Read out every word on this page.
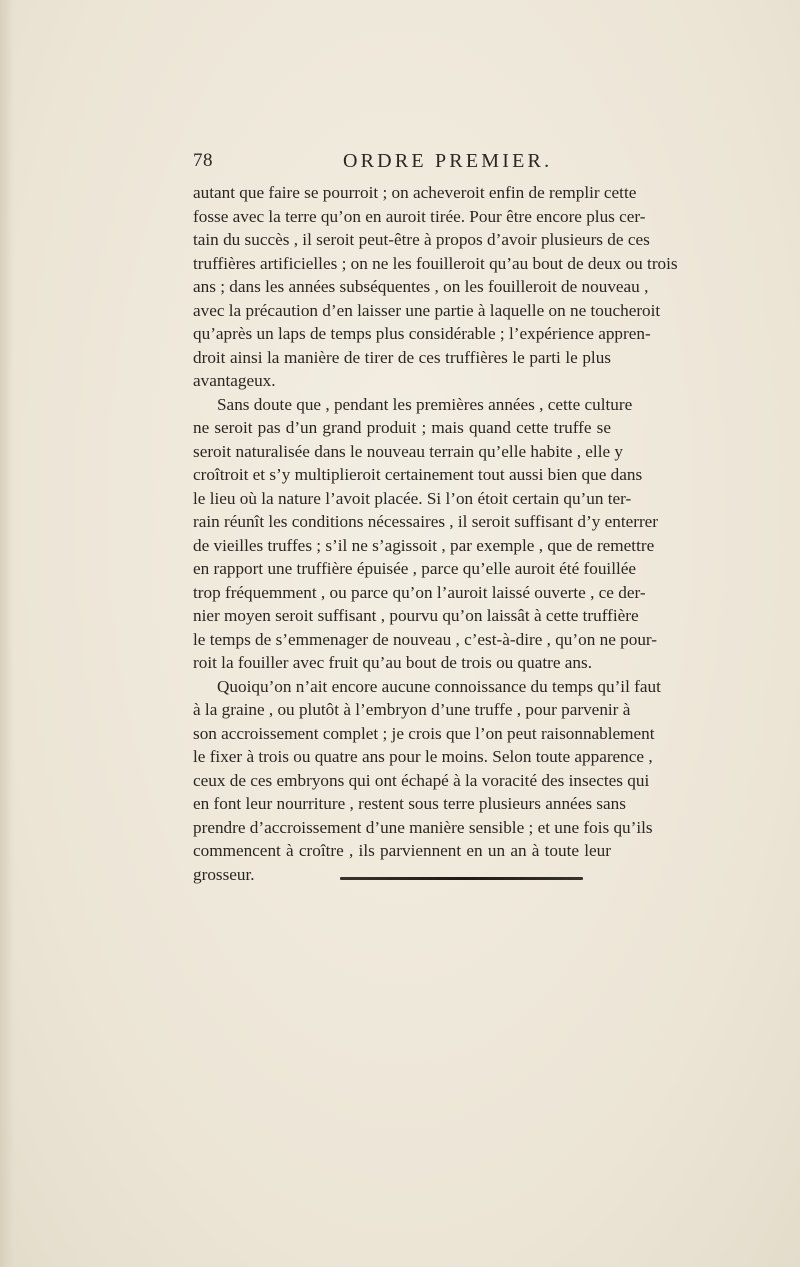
78	ORDRE PREMIER.
autant que faire se pourroit ; on acheveroit enfin de remplir cette
fosse avec la terre qu’on en auroit tirée. Pour être encore plus cer-
tain du succès , il seroit peut-être à propos d’avoir plusieurs de ces
truffières artificielles ; on ne les fouilleroit qu’au bout de deux ou trois
ans ; dans les années subséquentes , on les fouilleroit de nouveau ,
avec la précaution d’en laisser une partie à laquelle on ne toucheroit
qu’après un laps de temps plus considérable ; l’expérience appren-
droit ainsi la manière de tirer de ces truffières le parti le plus
avantageux.
Sans doute que , pendant les premières années , cette culture
ne seroit pas d’un grand produit ; mais quand cette truffe se
seroit naturalisée dans le nouveau terrain qu’elle habite , elle y
croîtroit et s’y multiplieroit certainement tout aussi bien que dans
le lieu où la nature l’avoit placée. Si l’on étoit certain qu’un ter-
rain réunît les conditions nécessaires , il seroit suffisant d’y enterrer
de vieilles truffes ; s’il ne s’agissoit , par exemple , que de remettre
en rapport une truffière épuisée , parce qu’elle auroit été fouillée
trop fréquemment , ou parce qu’on l’auroit laissé ouverte , ce der-
nier moyen seroit suffisant , pourvu qu’on laissât à cette truffière
le temps de s’emmenager de nouveau , c’est-à-dire , qu’on ne pour-
roit la fouiller avec fruit qu’au bout de trois ou quatre ans.
Quoiqu’on n’ait encore aucune connoissance du temps qu’il faut
à la graine , ou plutôt à l’embryon d’une truffe , pour parvenir à
son accroissement complet ; je crois que l’on peut raisonnablement
le fixer à trois ou quatre ans pour le moins. Selon toute apparence ,
ceux de ces embryons qui ont échapé à la voracité des insectes qui
en font leur nourriture , restent sous terre plusieurs années sans
prendre d’accroissement d’une manière sensible ; et une fois qu’ils
commencent à croître , ils parviennent en un an à toute leur
grosseur.
